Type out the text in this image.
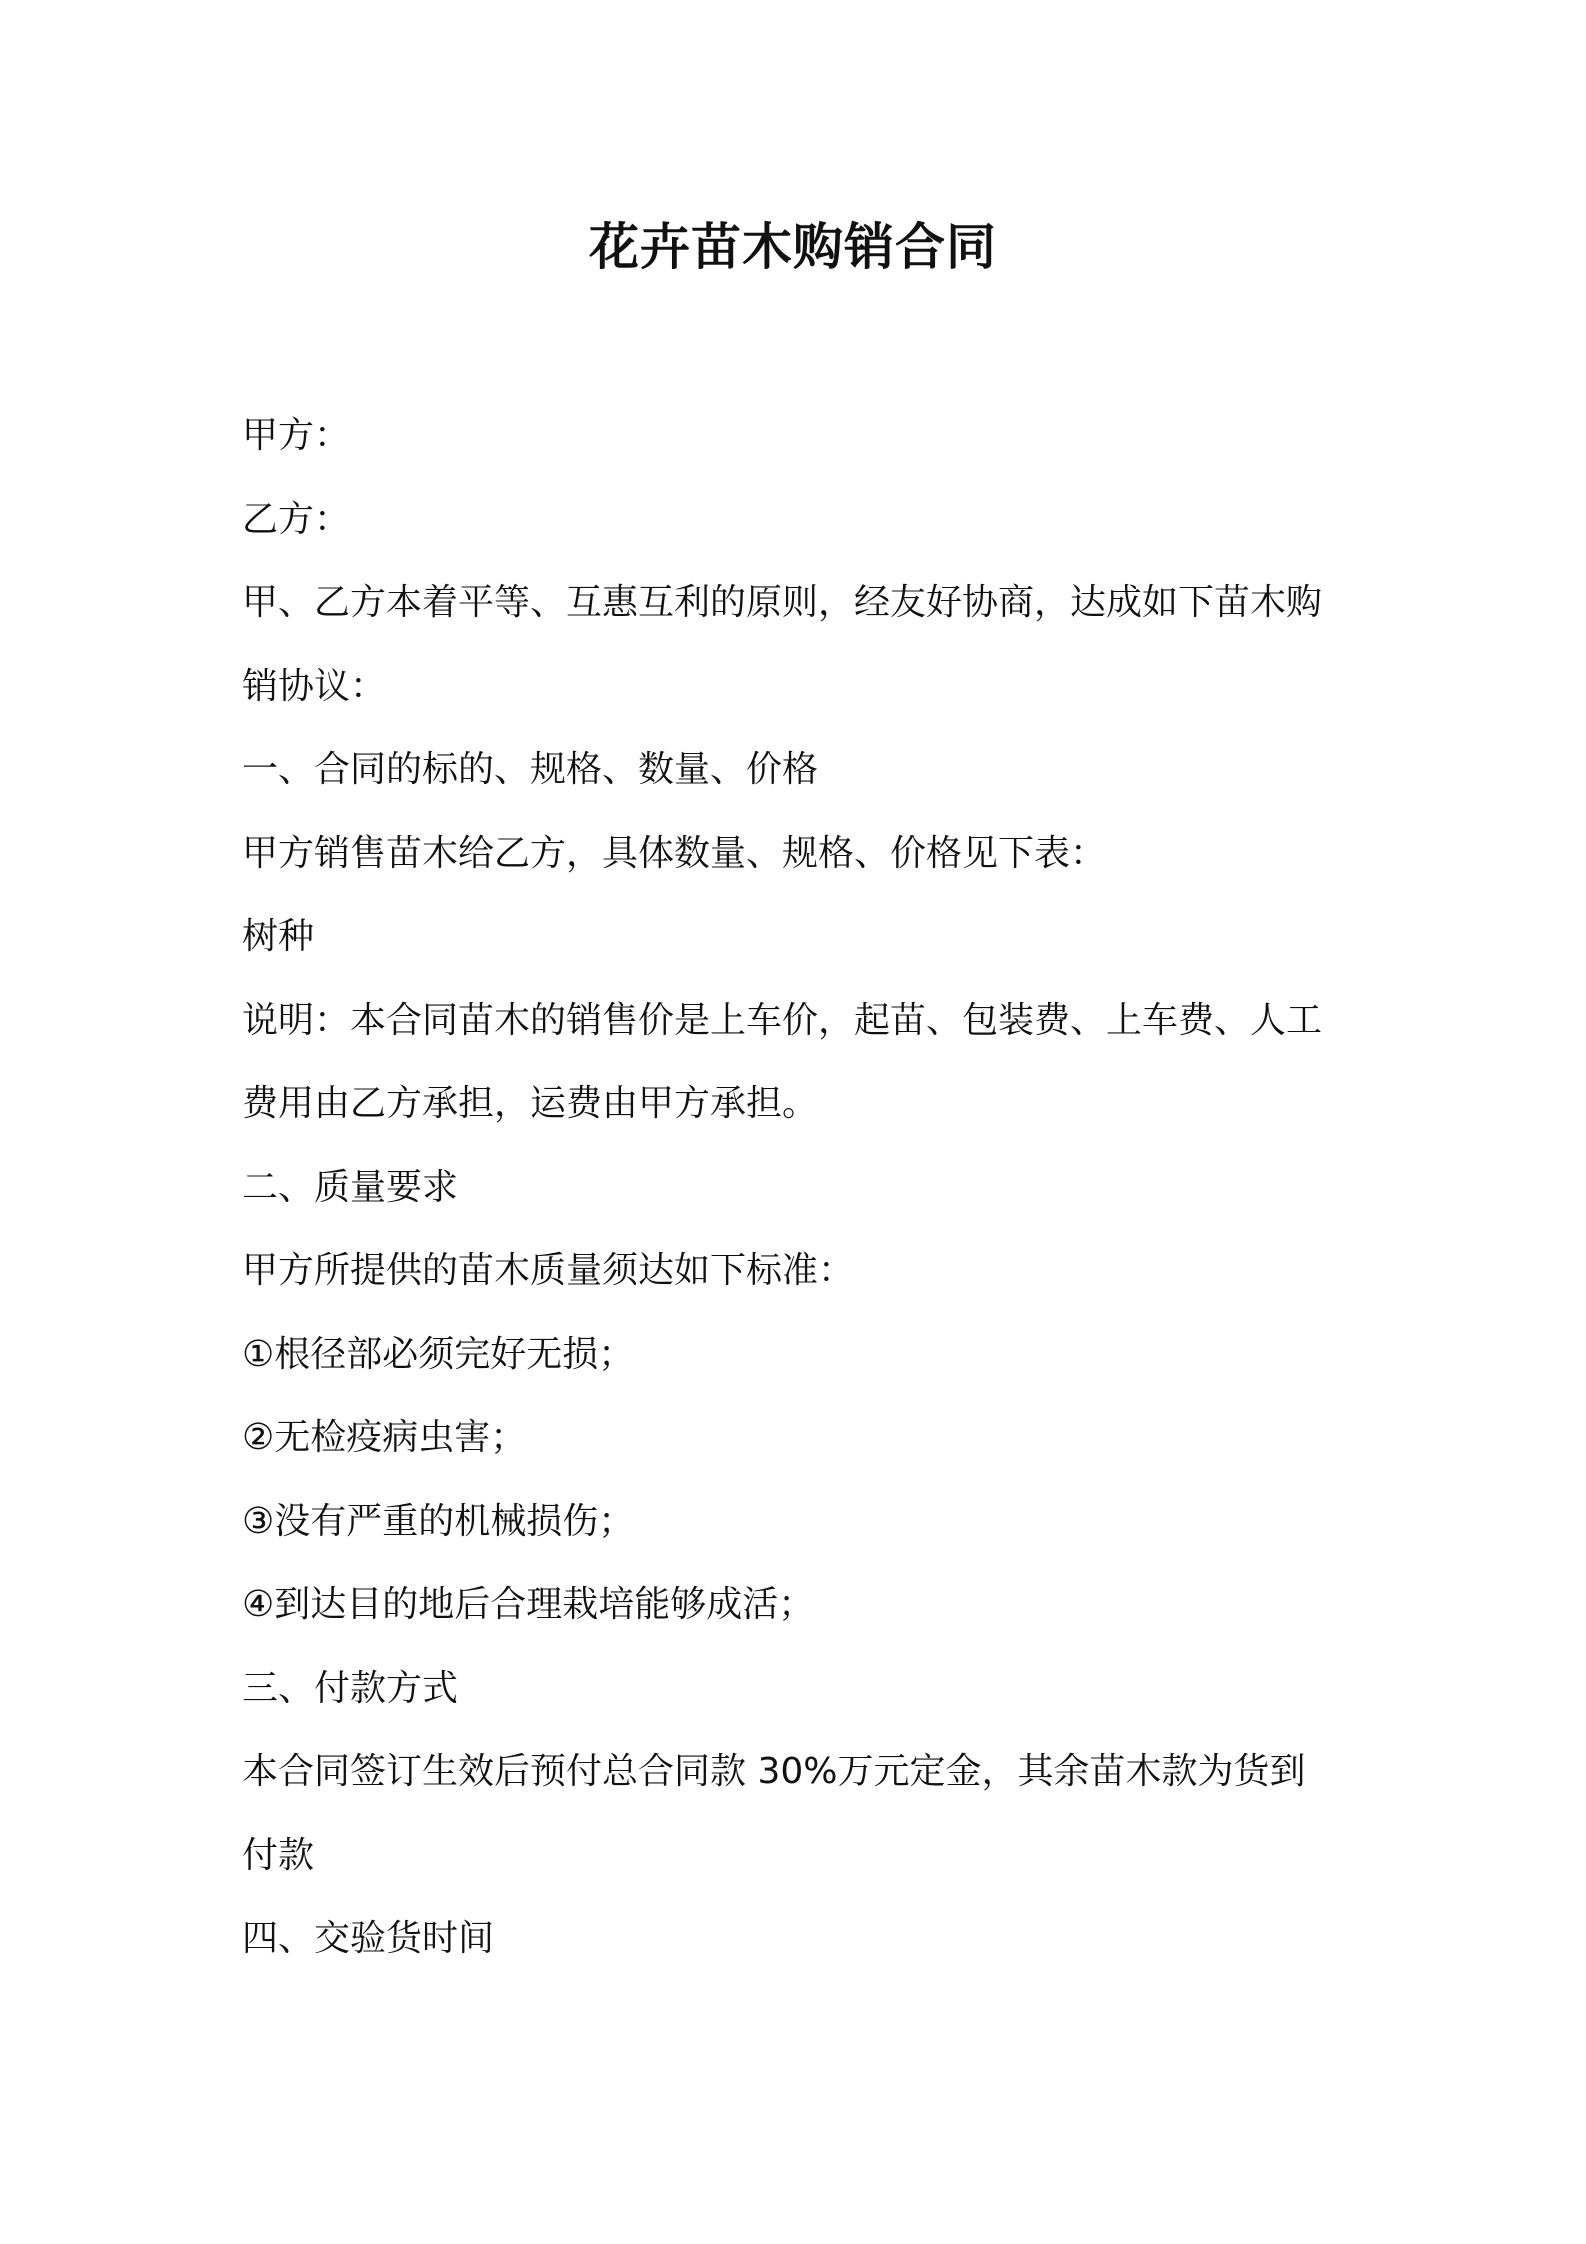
花卉苗木购销合同

甲方：

乙方：

甲、乙方本着平等、互惠互利的原则，经友好协商，达成如下苗木购

销协议：

一、合同的标的、规格、数量、价格

甲方销售苗木给乙方，具体数量、规格、价格见下表：

树种

说明：本合同苗木的销售价是上车价，起苗、包装费、上车费、人工

费用由乙方承担，运费由甲方承担。

二、质量要求

甲方所提供的苗木质量须达如下标准：

①根径部必须完好无损；

②无检疫病虫害；

③没有严重的机械损伤；

④到达目的地后合理栽培能够成活；

三、付款方式

本合同签订生效后预付总合同款 30%万元定金，其余苗木款为货到

付款

四、交验货时间
